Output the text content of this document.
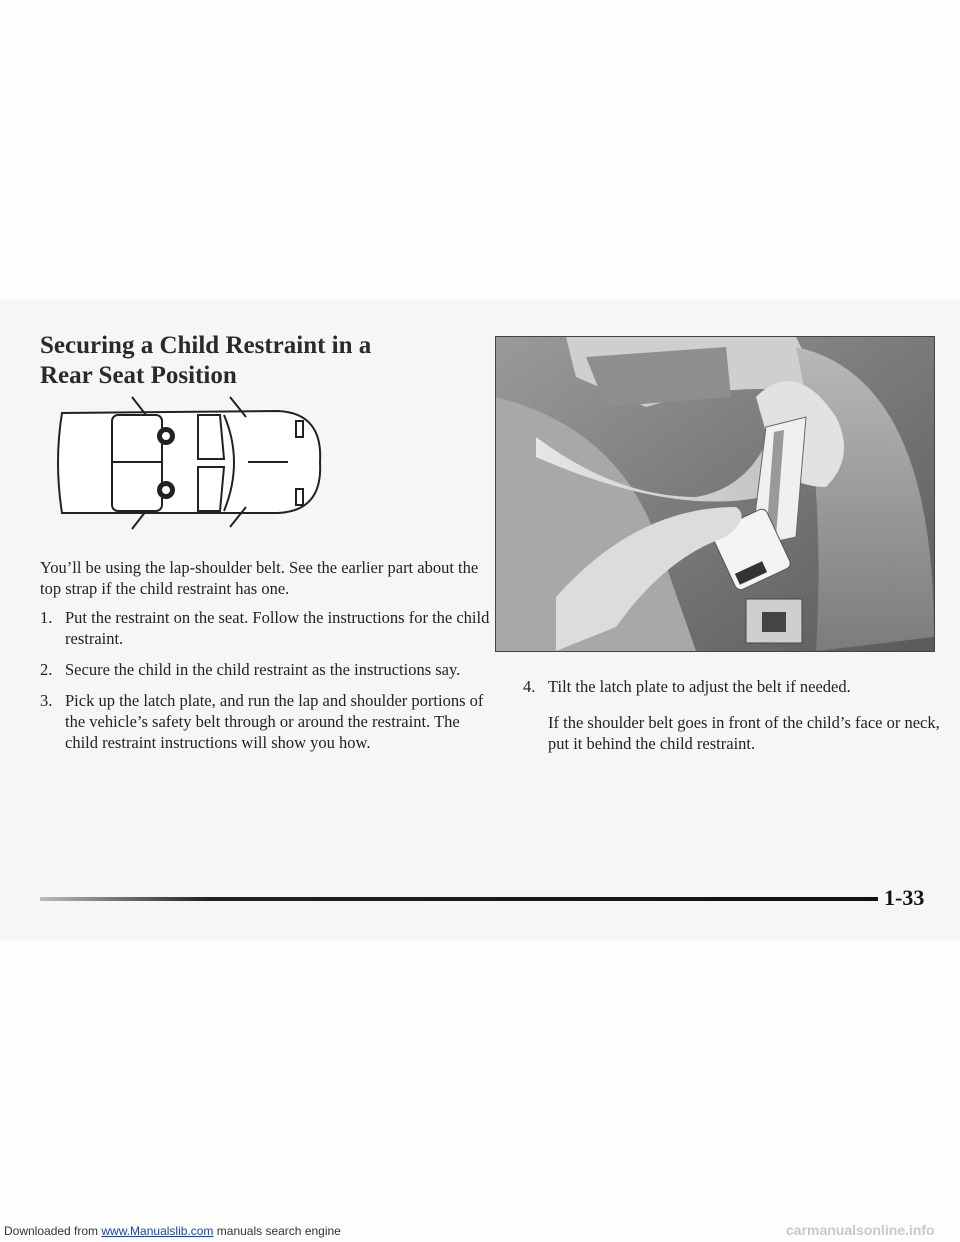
Securing a Child Restraint in a
Rear Seat Position

You’ll be using the lap-shoulder belt. See the earlier part about the top strap if the child restraint has one.

1. Put the restraint on the seat. Follow the instructions for the child restraint.
2. Secure the child in the child restraint as the instructions say.
3. Pick up the latch plate, and run the lap and shoulder portions of the vehicle’s safety belt through or around the restraint. The child restraint instructions will show you how.

4. Tilt the latch plate to adjust the belt if needed.

If the shoulder belt goes in front of the child’s face or neck, put it behind the child restraint.

1-33

Downloaded from www.Manualslib.com manuals search engine	carmanualsonline.info
